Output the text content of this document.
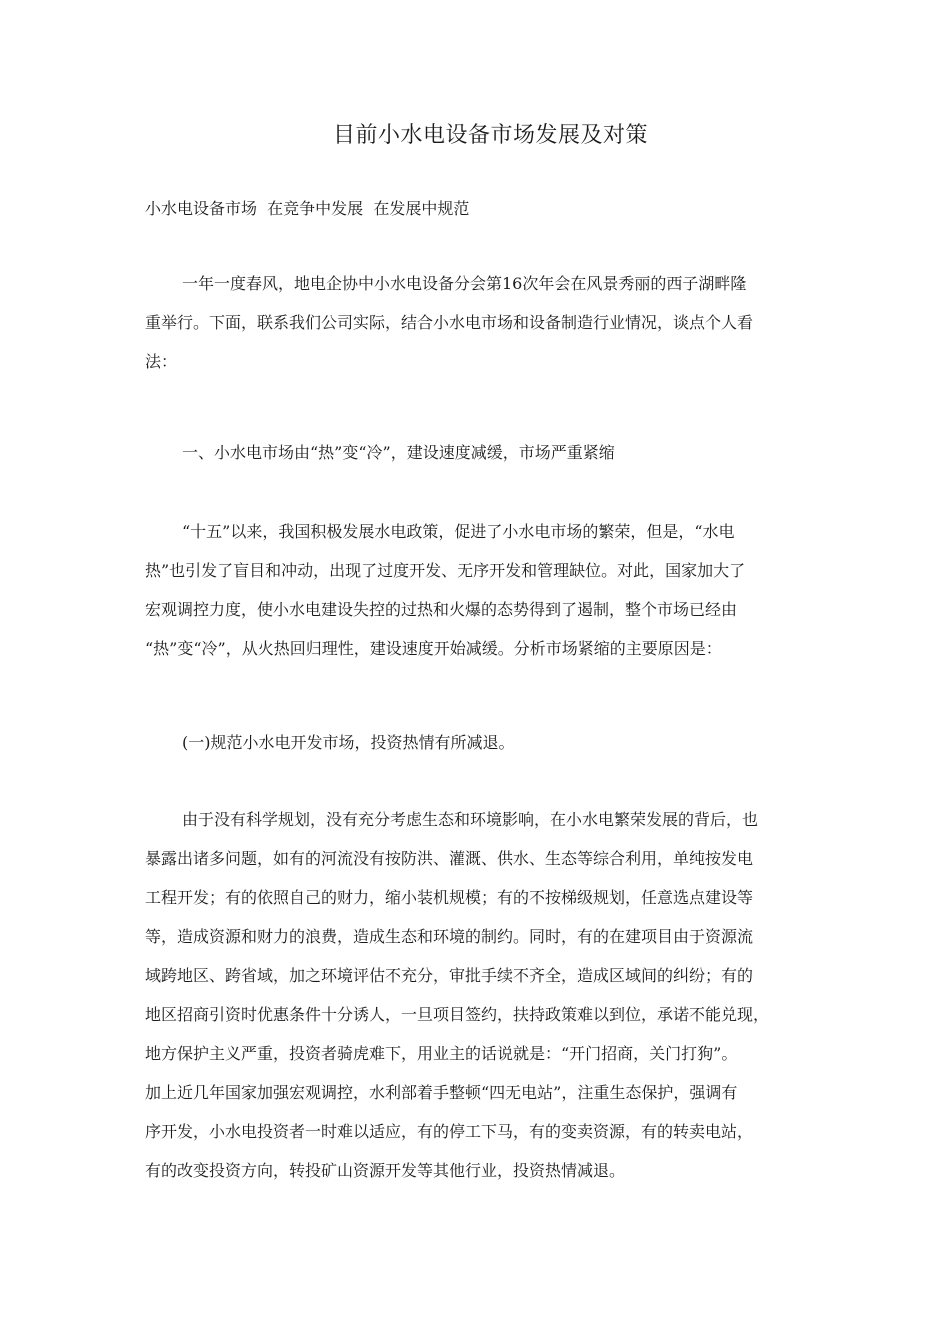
目前小水电设备市场发展及对策

小水电设备市场  在竞争中发展  在发展中规范

一年一度春风，地电企协中小水电设备分会第16次年会在风景秀丽的西子湖畔隆
重举行。下面，联系我们公司实际，结合小水电市场和设备制造行业情况，谈点个人看
法：
一、小水电市场由“热”变“冷”，建设速度减缓，市场严重紧缩
“十五”以来，我国积极发展水电政策，促进了小水电市场的繁荣，但是，“水电
热”也引发了盲目和冲动，出现了过度开发、无序开发和管理缺位。对此，国家加大了
宏观调控力度，使小水电建设失控的过热和火爆的态势得到了遏制，整个市场已经由
“热”变“冷”，从火热回归理性，建设速度开始减缓。分析市场紧缩的主要原因是：
(一)规范小水电开发市场，投资热情有所减退。
由于没有科学规划，没有充分考虑生态和环境影响，在小水电繁荣发展的背后，也
暴露出诸多问题，如有的河流没有按防洪、灌溉、供水、生态等综合利用，单纯按发电
工程开发；有的依照自己的财力，缩小装机规模；有的不按梯级规划，任意选点建设等
等，造成资源和财力的浪费，造成生态和环境的制约。同时，有的在建项目由于资源流
域跨地区、跨省域，加之环境评估不充分，审批手续不齐全，造成区域间的纠纷；有的
地区招商引资时优惠条件十分诱人，一旦项目签约，扶持政策难以到位，承诺不能兑现，
地方保护主义严重，投资者骑虎难下，用业主的话说就是：“开门招商，关门打狗”。
加上近几年国家加强宏观调控，水利部着手整顿“四无电站”，注重生态保护，强调有
序开发，小水电投资者一时难以适应，有的停工下马，有的变卖资源，有的转卖电站，
有的改变投资方向，转投矿山资源开发等其他行业，投资热情减退。
